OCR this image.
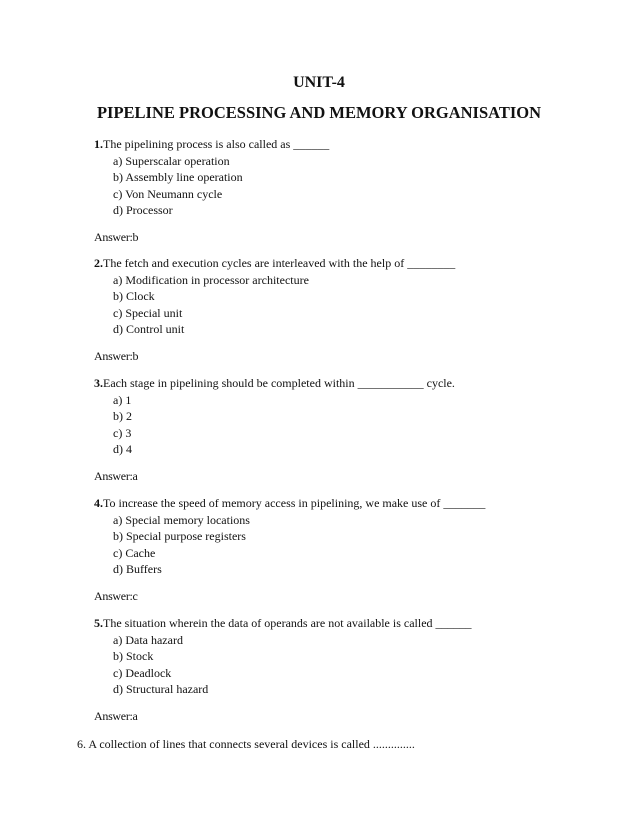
UNIT-4
PIPELINE PROCESSING AND MEMORY ORGANISATION
1.The pipelining process is also called as ______
a) Superscalar operation
b) Assembly line operation
c) Von Neumann cycle
d) Processor
Answer:b
2.The fetch and execution cycles are interleaved with the help of ________
a) Modification in processor architecture
b) Clock
c) Special unit
d) Control unit
Answer:b
3.Each stage in pipelining should be completed within ___________ cycle.
a) 1
b) 2
c) 3
d) 4
Answer:a
4.To increase the speed of memory access in pipelining, we make use of _______
a) Special memory locations
b) Special purpose registers
c) Cache
d) Buffers
Answer:c
5.The situation wherein the data of operands are not available is called ______
a) Data hazard
b) Stock
c) Deadlock
d) Structural hazard
Answer:a
6. A collection of lines that connects several devices is called ..............
